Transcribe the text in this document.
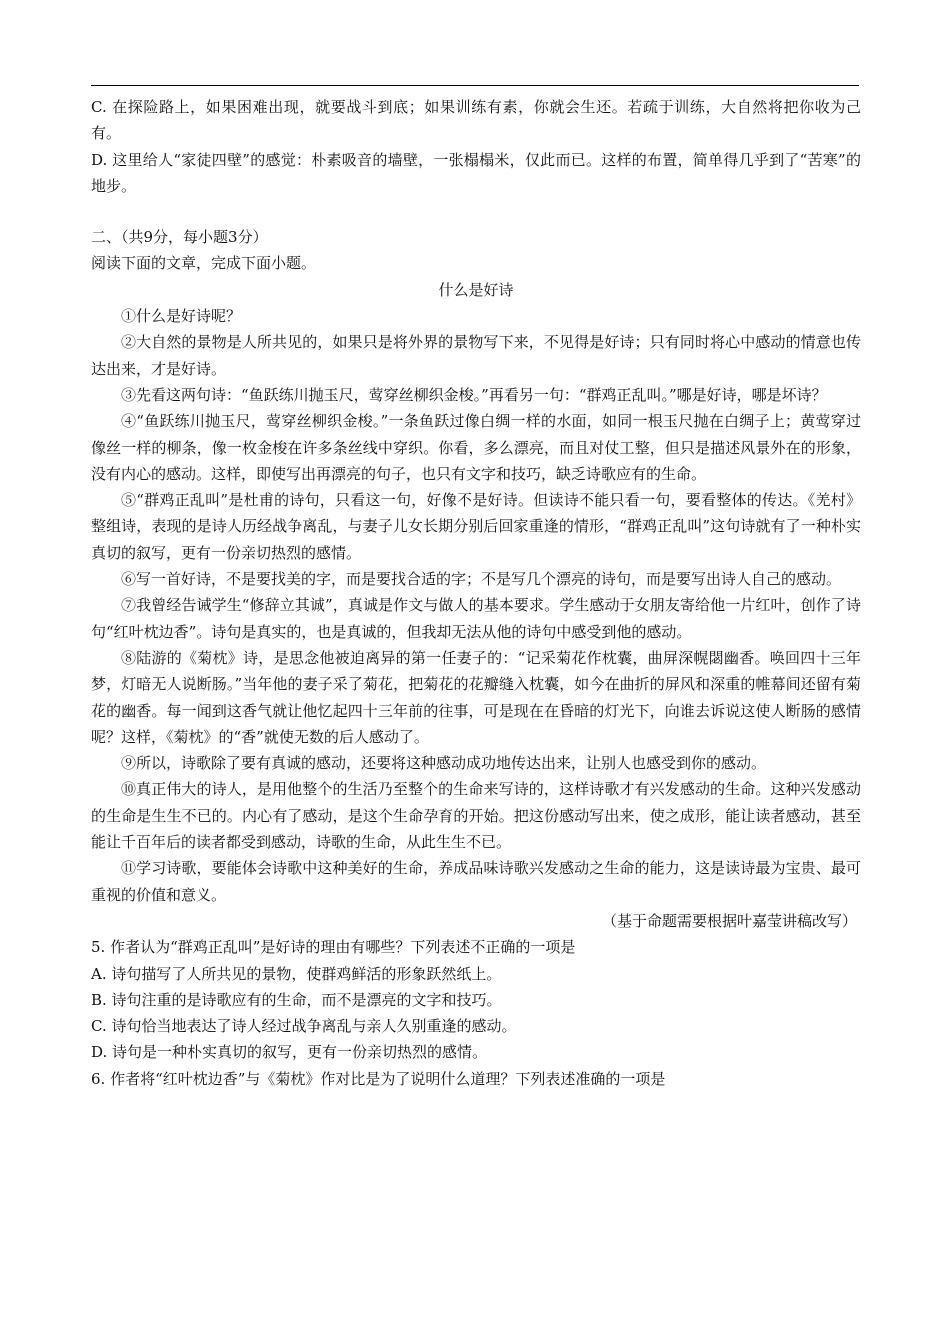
C. 在探险路上，如果困难出现，就要战斗到底；如果训练有素，你就会生还。若疏于训练，大自然将把你收为己有。

D. 这里给人“家徒四壁”的感觉：朴素吸音的墙壁，一张榻榻米，仅此而已。这样的布置，简单得几乎到了“苦寒”的地步。

二、（共9分，每小题3分）

阅读下面的文章，完成下面小题。

什么是好诗

①什么是好诗呢？

②大自然的景物是人所共见的，如果只是将外界的景物写下来，不见得是好诗；只有同时将心中感动的情意也传达出来，才是好诗。

③先看这两句诗：“鱼跃练川抛玉尺，莺穿丝柳织金梭。”再看另一句：“群鸡正乱叫。”哪是好诗，哪是坏诗？

④“鱼跃练川抛玉尺，莺穿丝柳织金梭。”一条鱼跃过像白绸一样的水面，如同一根玉尺抛在白绸子上；黄莺穿过像丝一样的柳条，像一枚金梭在许多条丝线中穿织。你看，多么漂亮，而且对仗工整，但只是描述风景外在的形象，没有内心的感动。这样，即使写出再漂亮的句子，也只有文字和技巧，缺乏诗歌应有的生命。

⑤“群鸡正乱叫”是杜甫的诗句，只看这一句，好像不是好诗。但读诗不能只看一句，要看整体的传达。《羌村》整组诗，表现的是诗人历经战争离乱，与妻子儿女长期分别后回家重逢的情形，“群鸡正乱叫”这句诗就有了一种朴实真切的叙写，更有一份亲切热烈的感情。

⑥写一首好诗，不是要找美的字，而是要找合适的字；不是写几个漂亮的诗句，而是要写出诗人自己的感动。

⑦我曾经告诫学生“修辞立其诚”，真诚是作文与做人的基本要求。学生感动于女朋友寄给他一片红叶，创作了诗句“红叶枕边香”。诗句是真实的，也是真诚的，但我却无法从他的诗句中感受到他的感动。

⑧陆游的《菊枕》诗，是思念他被迫离异的第一任妻子的：“记采菊花作枕囊，曲屏深幌閟幽香。唤回四十三年梦，灯暗无人说断肠。”当年他的妻子采了菊花，把菊花的花瓣缝入枕囊，如今在曲折的屏风和深重的帷幕间还留有菊花的幽香。每一闻到这香气就让他忆起四十三年前的往事，可是现在在昏暗的灯光下，向谁去诉说这使人断肠的感情呢？这样，《菊枕》的“香”就使无数的后人感动了。

⑨所以，诗歌除了要有真诚的感动，还要将这种感动成功地传达出来，让别人也感受到你的感动。

⑩真正伟大的诗人，是用他整个的生活乃至整个的生命来写诗的，这样诗歌才有兴发感动的生命。这种兴发感动的生命是生生不已的。内心有了感动，是这个生命孕育的开始。把这份感动写出来，使之成形，能让读者感动，甚至能让千百年后的读者都受到感动，诗歌的生命，从此生生不已。

⑪学习诗歌，要能体会诗歌中这种美好的生命，养成品味诗歌兴发感动之生命的能力，这是读诗最为宝贵、最可重视的价值和意义。

（基于命题需要根据叶嘉莹讲稿改写）

5. 作者认为“群鸡正乱叫”是好诗的理由有哪些？下列表述不正确的一项是

A. 诗句描写了人所共见的景物，使群鸡鲜活的形象跃然纸上。

B. 诗句注重的是诗歌应有的生命，而不是漂亮的文字和技巧。

C. 诗句恰当地表达了诗人经过战争离乱与亲人久别重逢的感动。

D. 诗句是一种朴实真切的叙写，更有一份亲切热烈的感情。

6. 作者将“红叶枕边香”与《菊枕》作对比是为了说明什么道理？下列表述准确的一项是
